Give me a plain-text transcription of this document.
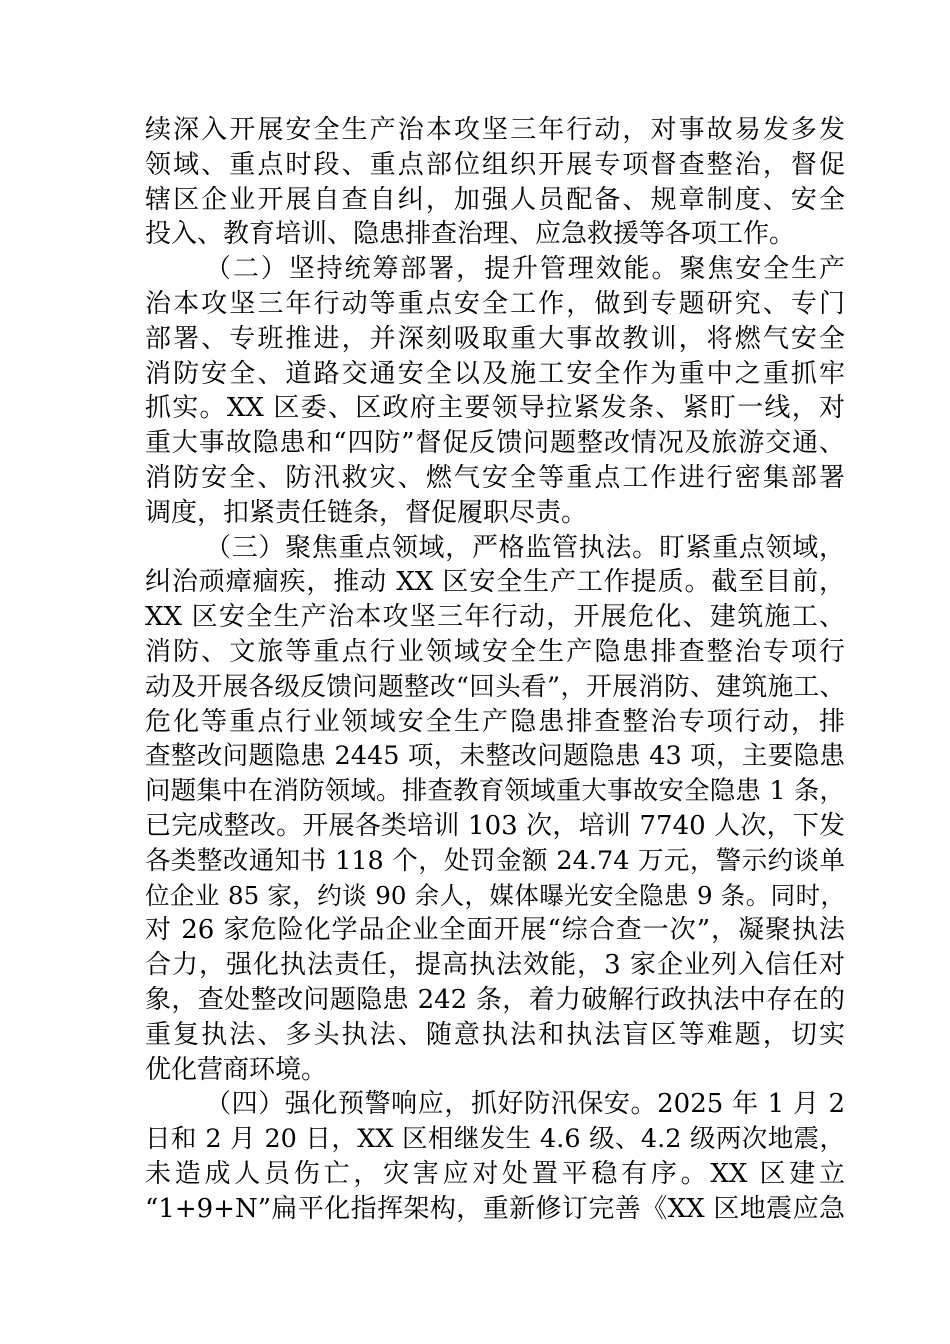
续深入开展安全生产治本攻坚三年行动，对事故易发多发
领域、重点时段、重点部位组织开展专项督查整治，督促
辖区企业开展自查自纠，加强人员配备、规章制度、安全
投入、教育培训、隐患排查治理、应急救援等各项工作。
（二）坚持统筹部署，提升管理效能。聚焦安全生产
治本攻坚三年行动等重点安全工作，做到专题研究、专门
部署、专班推进，并深刻吸取重大事故教训，将燃气安全
消防安全、道路交通安全以及施工安全作为重中之重抓牢
抓实。XX 区委、区政府主要领导拉紧发条、紧盯一线，对
重大事故隐患和“四防”督促反馈问题整改情况及旅游交通、
消防安全、防汛救灾、燃气安全等重点工作进行密集部署
调度，扣紧责任链条，督促履职尽责。
（三）聚焦重点领域，严格监管执法。盯紧重点领域，
纠治顽瘴痼疾，推动 XX 区安全生产工作提质。截至目前，
XX 区安全生产治本攻坚三年行动，开展危化、建筑施工、
消防、文旅等重点行业领域安全生产隐患排查整治专项行
动及开展各级反馈问题整改“回头看”，开展消防、建筑施工、
危化等重点行业领域安全生产隐患排查整治专项行动，排
查整改问题隐患 2445 项，未整改问题隐患 43 项，主要隐患
问题集中在消防领域。排查教育领域重大事故安全隐患 1 条，
已完成整改。开展各类培训 103 次，培训 7740 人次，下发
各类整改通知书 118 个，处罚金额 24.74 万元，警示约谈单
位企业 85 家，约谈 90 余人，媒体曝光安全隐患 9 条。同时，
对 26 家危险化学品企业全面开展“综合查一次”，凝聚执法
合力，强化执法责任，提高执法效能，3 家企业列入信任对
象，查处整改问题隐患 242 条，着力破解行政执法中存在的
重复执法、多头执法、随意执法和执法盲区等难题，切实
优化营商环境。
（四）强化预警响应，抓好防汛保安。2025 年 1 月 2
日和 2 月 20 日，XX 区相继发生 4.6 级、4.2 级两次地震，
未造成人员伤亡，灾害应对处置平稳有序。XX 区建立
“1+9+N”扁平化指挥架构，重新修订完善《XX 区地震应急
